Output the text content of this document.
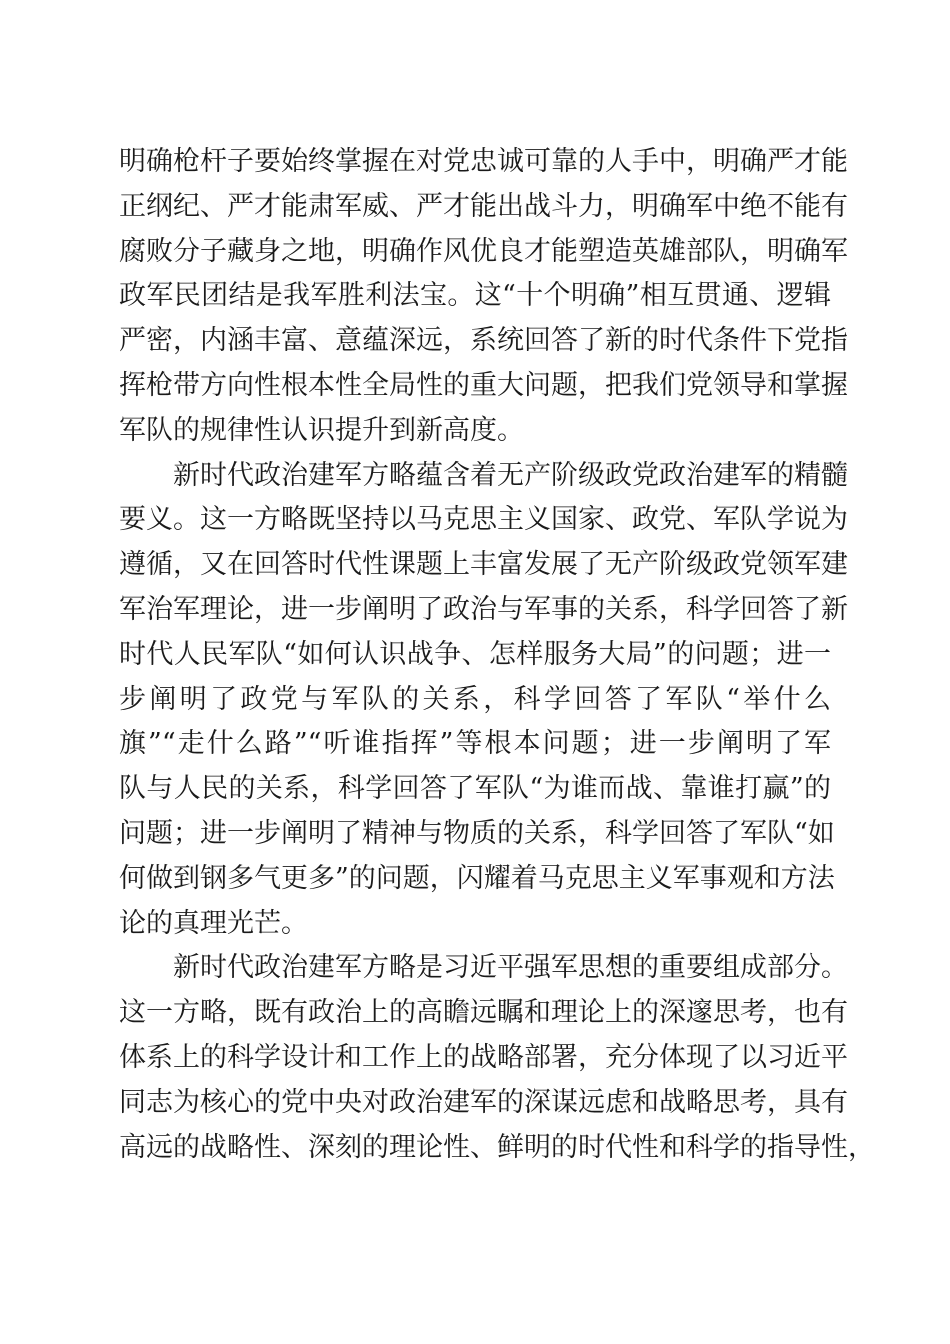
明确枪杆子要始终掌握在对党忠诚可靠的人手中，明确严才能
正纲纪、严才能肃军威、严才能出战斗力，明确军中绝不能有
腐败分子藏身之地，明确作风优良才能塑造英雄部队，明确军
政军民团结是我军胜利法宝。这“十个明确”相互贯通、逻辑
严密，内涵丰富、意蕴深远，系统回答了新的时代条件下党指
挥枪带方向性根本性全局性的重大问题，把我们党领导和掌握
军队的规律性认识提升到新高度。
新时代政治建军方略蕴含着无产阶级政党政治建军的精髓
要义。这一方略既坚持以马克思主义国家、政党、军队学说为
遵循，又在回答时代性课题上丰富发展了无产阶级政党领军建
军治军理论，进一步阐明了政治与军事的关系，科学回答了新
时代人民军队“如何认识战争、怎样服务大局”的问题；进一
步阐明了政党与军队的关系，科学回答了军队“举什么
旗”“走什么路”“听谁指挥”等根本问题；进一步阐明了军
队与人民的关系，科学回答了军队“为谁而战、靠谁打赢”的
问题；进一步阐明了精神与物质的关系，科学回答了军队“如
何做到钢多气更多”的问题，闪耀着马克思主义军事观和方法
论的真理光芒。
新时代政治建军方略是习近平强军思想的重要组成部分。
这一方略，既有政治上的高瞻远瞩和理论上的深邃思考，也有
体系上的科学设计和工作上的战略部署，充分体现了以习近平
同志为核心的党中央对政治建军的深谋远虑和战略思考，具有
高远的战略性、深刻的理论性、鲜明的时代性和科学的指导性，
